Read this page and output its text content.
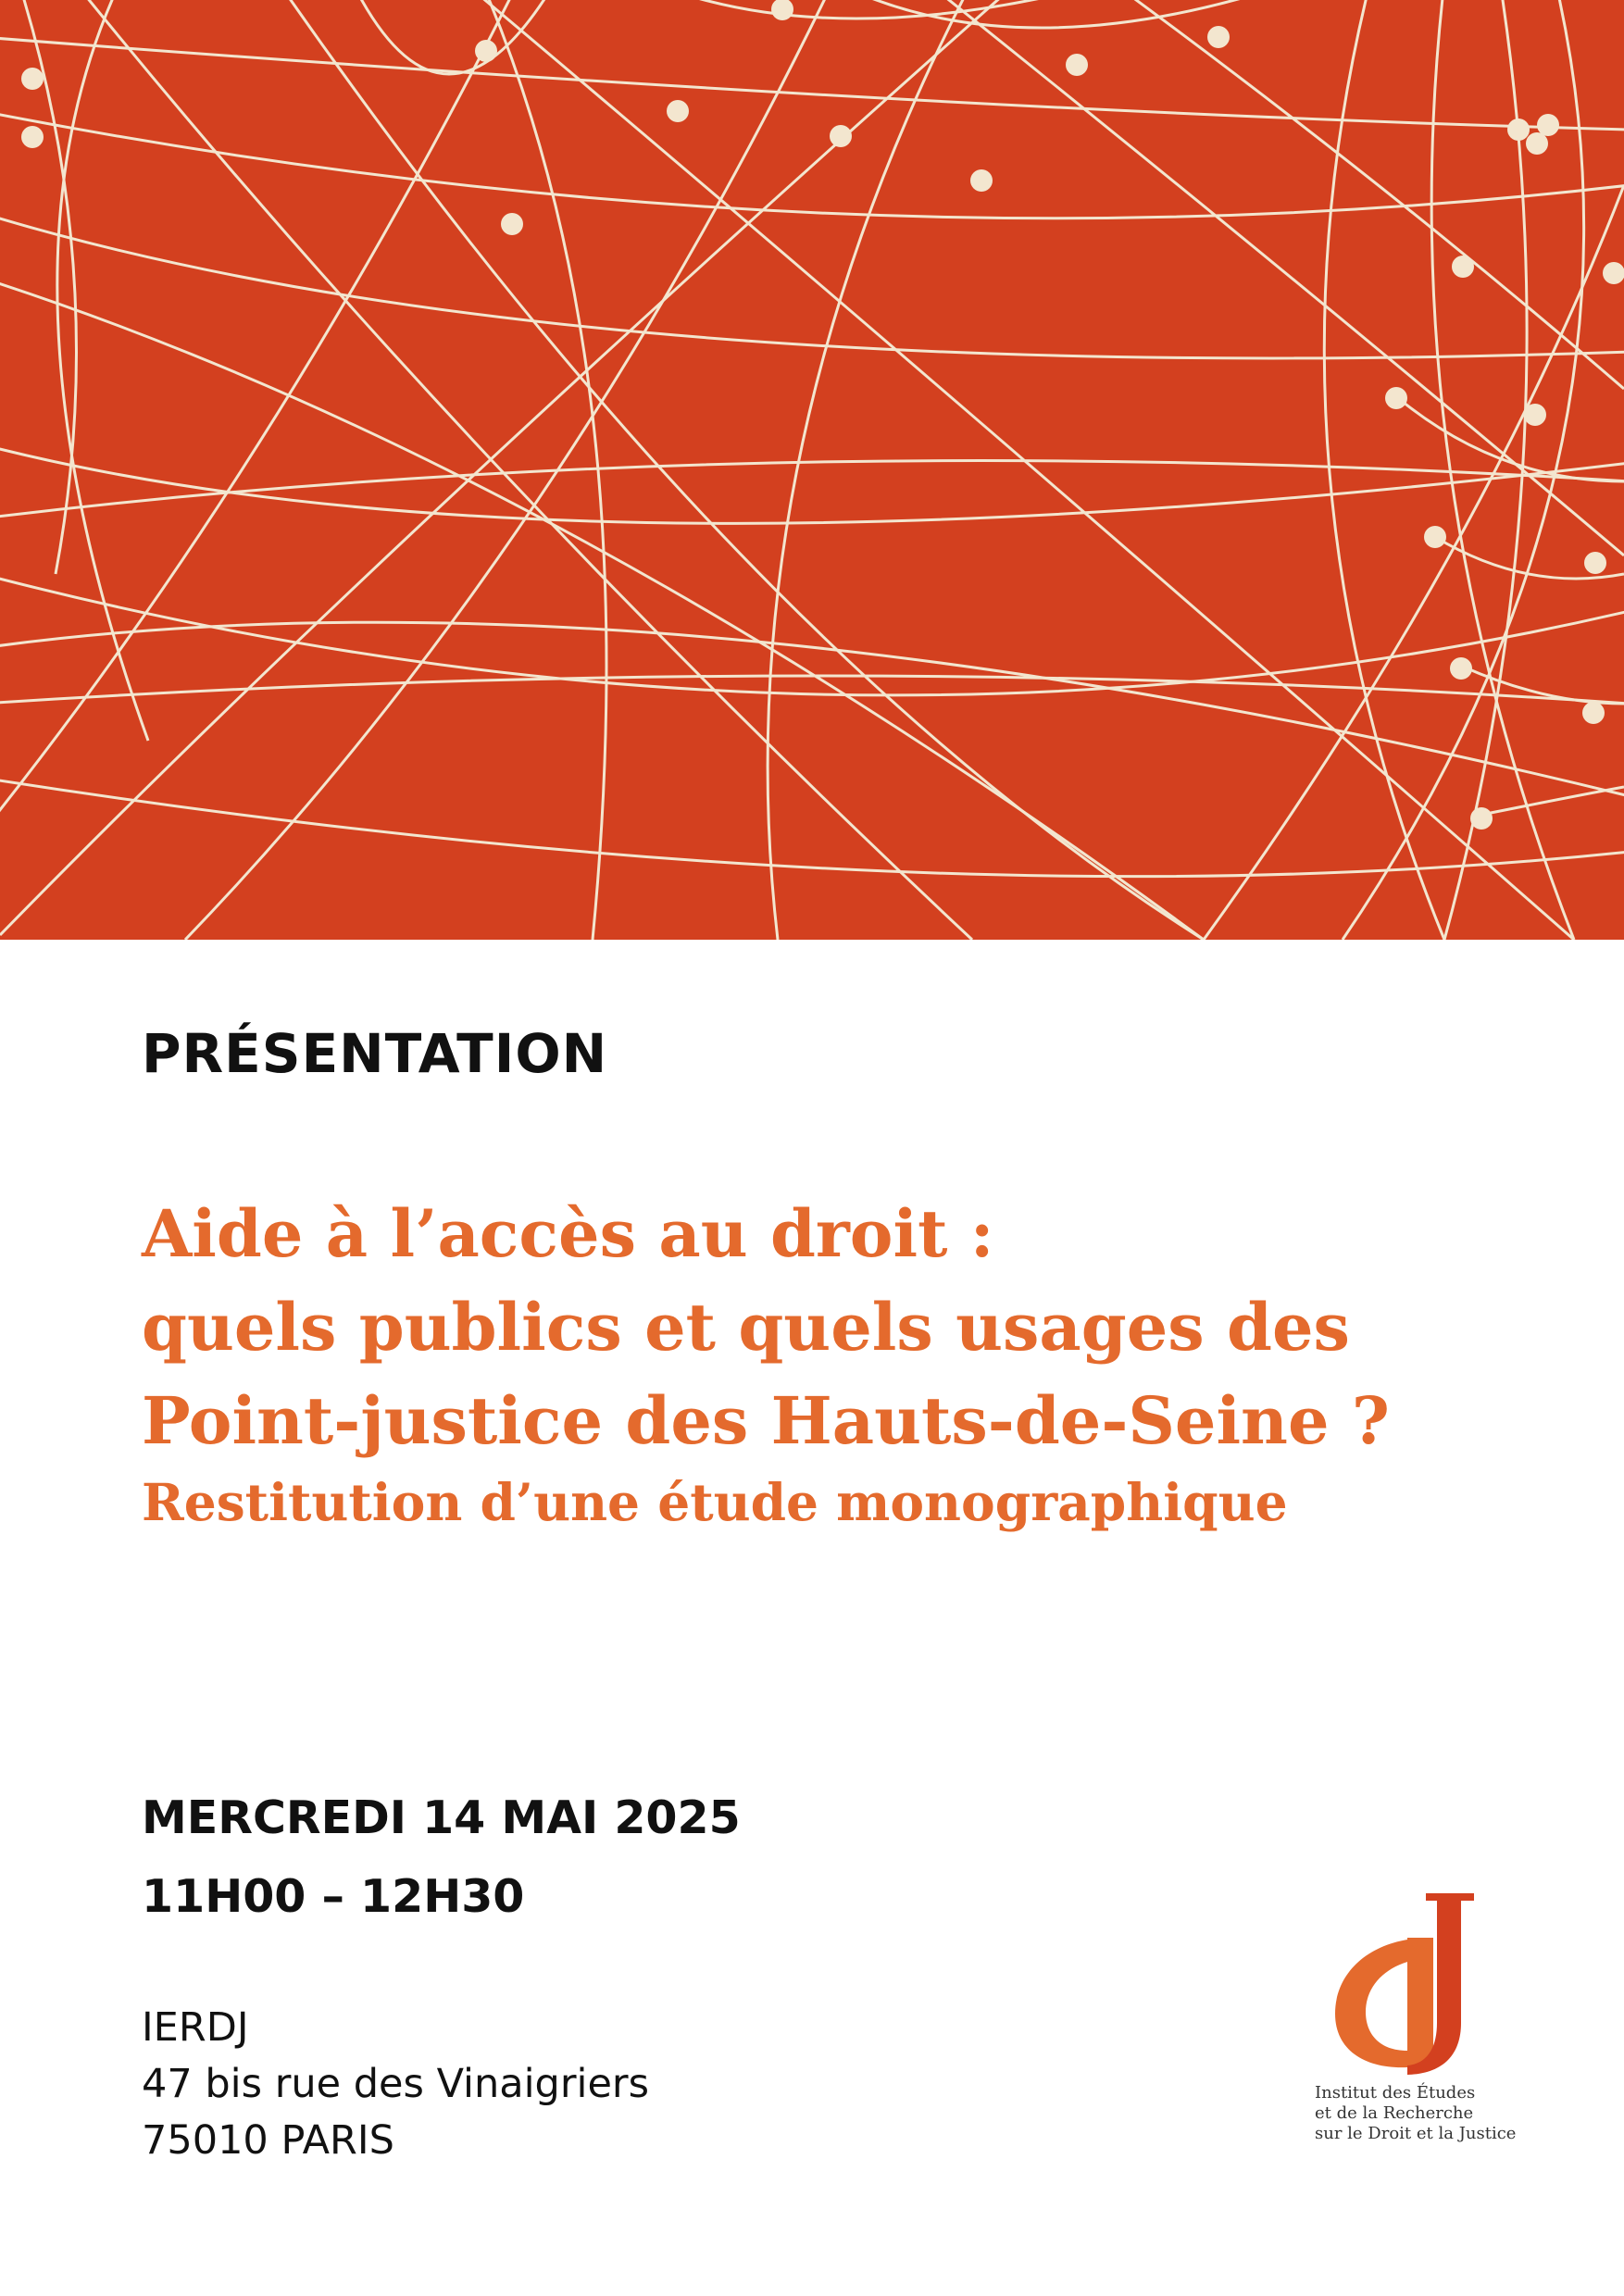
PRÉSENTATION
Aide à l’accès au droit :
quels publics et quels usages des
Point-justice des Hauts-de-Seine ?
Restitution d’une étude monographique
MERCREDI 14 MAI 2025
11H00 – 12H30
IERDJ
47 bis rue des Vinaigriers
75010 PARIS
Institut des Études
et de la Recherche
sur le Droit et la Justice
